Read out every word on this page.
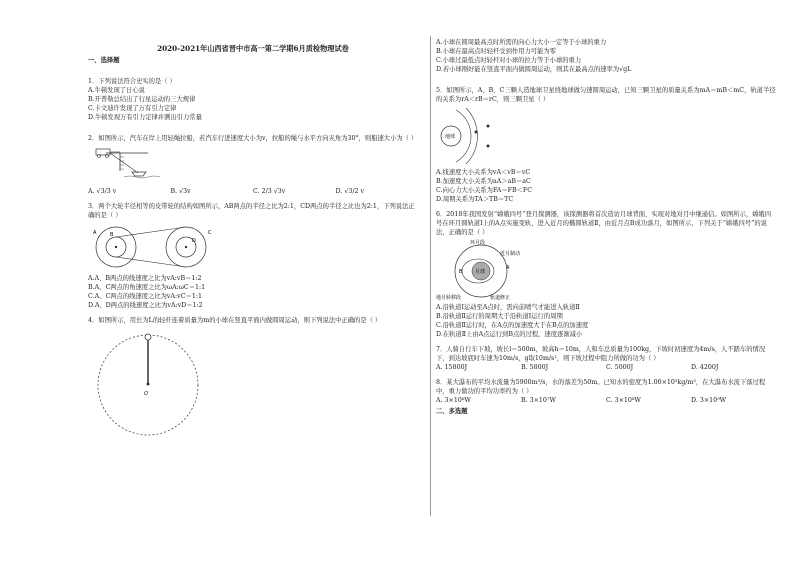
2020-2021年山西省晋中市高一第二学期6月质检物理试卷
一、选择题
1．下列说法符合史实的是（ ）
A.牛顿发现了日心说
B.开普勒总结出了行星运动的三大规律
C.卡文迪许发现了万有引力定律
D.牛顿发现万有引力定律并测出引力常量
2．如图所示，汽车在岸上用轻绳拉船，若汽车行进速度大小为v，拉船的绳与水平方向夹角为30°，则船速大小为（ ）
A. √3/3 v	B. √3v	C. 2/3 √3v	D. √3/2 v
3．两个大轮半径相等的皮带轮的结构如图所示，AB两点的半径之比为2:1，CD两点的半径之比也为2:1，下列说法正确的是（ ）
A	B	C
D
A.A、B两点的线速度之比为vA:vB＝1:2
B.A、C两点的角速度之比为ωA:ωC＝1:1
C.A、C两点的线速度之比为vA:vC＝1:1
D.A、D两点的线速度之比为vA:vD＝1:2
4．如图所示，用长为L的轻杆连着质量为m的小球在竖直平面内做圆周运动，则下列说法中正确的是（ ）
O
A.小球在圆周最高点时所需的向心力大小一定等于小球的重力
B.小球在最高点时轻杆受到作用力可能为零
C.小球过最低点时轻杆对小球的拉力等于小球的重力
D.若小球刚好能在竖直平面内做圆周运动，则其在最高点的速率为√gL
5．如图所示，A、B、C三颗人造地球卫星绕地球做匀速圆周运动，已知三颗卫星的质量关系为mA＝mB＜mC，轨道半径的关系为rA＜rB＝rC，则三颗卫星（ ）
地球
A.线速度大小关系为vA＜vB＝vC
B.加速度大小关系为aA＞aB＝aC
C.向心力大小关系为FA＝FB＜FC
D.周期关系为TA＞TB＝TC
6．2018年我国发射“嫦娥四号”登月探测器，该探测器将首次造访月球背面，实现对地对月中继通信。如图所示，嫦娥四号在环月圆轨道Ⅰ上的A点实施变轨，进入近月的椭圆轨道Ⅱ，由近月点B成功落月，如图所示，下列关于“嫦娥四号”的说法，正确的是（ ）
月球
环月段
近月制动
A
B
地月转移段	轨道修正
A.沿轨道Ⅰ运动至A点时，需向前喷气才能进入轨道Ⅱ
B.沿轨道Ⅱ运行的周期大于沿轨道Ⅰ运行的周期
C.沿轨道Ⅱ运行时，在A点的加速度大于在B点的加速度
D.在轨道Ⅱ上由A点运行到B点的过程，速度逐渐减小
7．人骑自行车下坡，坡长l＝500m，坡高h＝10m，人和车总质量为100kg，下坡时初速度为4m/s，人不踏车的情况下，到达坡底时车速为10m/s，g取10m/s²，则下坡过程中阻力所做的功为（ ）
A. 15800J	B. 5800J	C. 5000J	D. 4200J
8．某大瀑布的平均水流量为5900m³/s，水的落差为50m。已知水的密度为1.00×10³kg/m³，在大瀑布水流下落过程中，重力做功的平均功率约为（ ）
A. 3×10⁶W	B. 3×10⁷W	C. 3×10⁸W	D. 3×10⁹W
二、多选题
